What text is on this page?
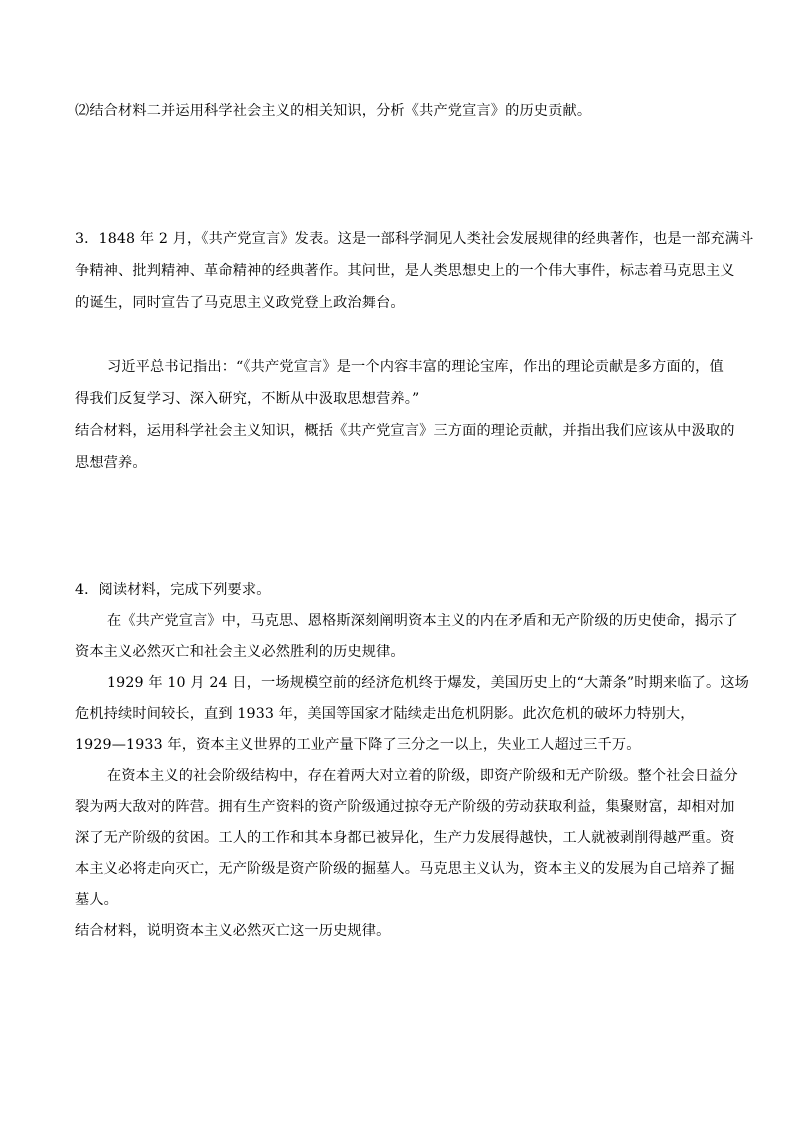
⑵结合材料二并运用科学社会主义的相关知识，分析《共产党宣言》的历史贡献。
3．1848 年 2 月，《共产党宣言》发表。这是一部科学洞见人类社会发展规律的经典著作，也是一部充满斗
争精神、批判精神、革命精神的经典著作。其问世，是人类思想史上的一个伟大事件，标志着马克思主义
的诞生，同时宣告了马克思主义政党登上政治舞台。
习近平总书记指出：“《共产党宣言》是一个内容丰富的理论宝库，作出的理论贡献是多方面的，值
得我们反复学习、深入研究，不断从中汲取思想营养。”
结合材料，运用科学社会主义知识，概括《共产党宣言》三方面的理论贡献，并指出我们应该从中汲取的
思想营养。
4．阅读材料，完成下列要求。
在《共产党宣言》中，马克思、恩格斯深刻阐明资本主义的内在矛盾和无产阶级的历史使命，揭示了
资本主义必然灭亡和社会主义必然胜利的历史规律。
1929 年 10 月 24 日，一场规模空前的经济危机终于爆发，美国历史上的“大萧条”时期来临了。这场
危机持续时间较长，直到 1933 年，美国等国家才陆续走出危机阴影。此次危机的破坏力特别大，
1929—1933 年，资本主义世界的工业产量下降了三分之一以上，失业工人超过三千万。
在资本主义的社会阶级结构中，存在着两大对立着的阶级，即资产阶级和无产阶级。整个社会日益分
裂为两大敌对的阵营。拥有生产资料的资产阶级通过掠夺无产阶级的劳动获取利益，集聚财富，却相对加
深了无产阶级的贫困。工人的工作和其本身都已被异化，生产力发展得越快，工人就被剥削得越严重。资
本主义必将走向灭亡，无产阶级是资产阶级的掘墓人。马克思主义认为，资本主义的发展为自己培养了掘
墓人。
结合材料，说明资本主义必然灭亡这一历史规律。
